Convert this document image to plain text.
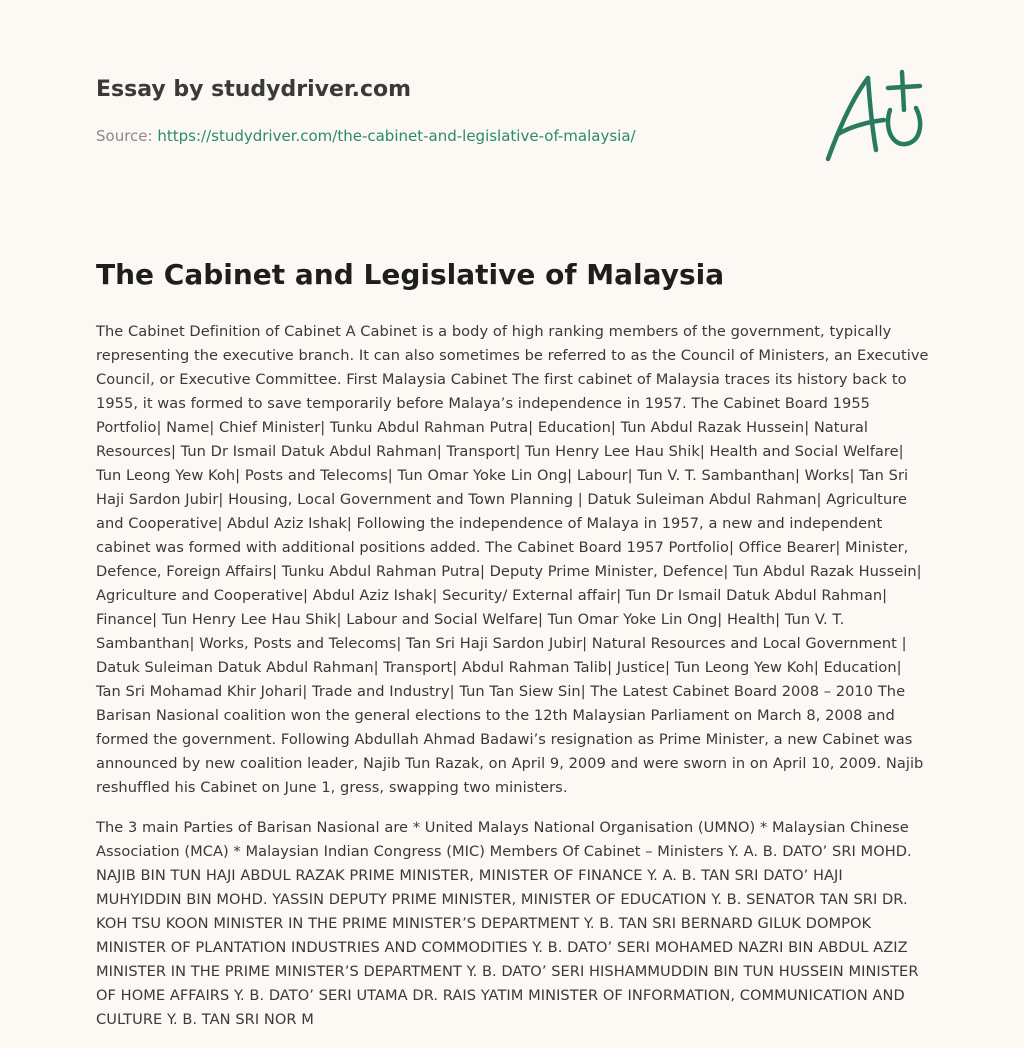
Essay by studydriver.com
Source: https://studydriver.com/the-cabinet-and-legislative-of-malaysia/
The Cabinet and Legislative of Malaysia

The Cabinet Definition of Cabinet A Cabinet is a body of high ranking members of the government, typically representing the executive branch. It can also sometimes be referred to as the Council of Ministers, an Executive Council, or Executive Committee. First Malaysia Cabinet The first cabinet of Malaysia traces its history back to 1955, it was formed to save temporarily before Malaya’s independence in 1957. The Cabinet Board 1955 Portfolio| Name| Chief Minister| Tunku Abdul Rahman Putra| Education| Tun Abdul Razak Hussein| Natural Resources| Tun Dr Ismail Datuk Abdul Rahman| Transport| Tun Henry Lee Hau Shik| Health and Social Welfare| Tun Leong Yew Koh| Posts and Telecoms| Tun Omar Yoke Lin Ong| Labour| Tun V. T. Sambanthan| Works| Tan Sri Haji Sardon Jubir| Housing, Local Government and Town Planning | Datuk Suleiman Abdul Rahman| Agriculture and Cooperative| Abdul Aziz Ishak| Following the independence of Malaya in 1957, a new and independent cabinet was formed with additional positions added. The Cabinet Board 1957 Portfolio| Office Bearer| Minister, Defence, Foreign Affairs| Tunku Abdul Rahman Putra| Deputy Prime Minister, Defence| Tun Abdul Razak Hussein| Agriculture and Cooperative| Abdul Aziz Ishak| Security/ External affair| Tun Dr Ismail Datuk Abdul Rahman| Finance| Tun Henry Lee Hau Shik| Labour and Social Welfare| Tun Omar Yoke Lin Ong| Health| Tun V. T. Sambanthan| Works, Posts and Telecoms| Tan Sri Haji Sardon Jubir| Natural Resources and Local Government | Datuk Suleiman Datuk Abdul Rahman| Transport| Abdul Rahman Talib| Justice| Tun Leong Yew Koh| Education| Tan Sri Mohamad Khir Johari| Trade and Industry| Tun Tan Siew Sin| The Latest Cabinet Board 2008 – 2010 The Barisan Nasional coalition won the general elections to the 12th Malaysian Parliament on March 8, 2008 and formed the government. Following Abdullah Ahmad Badawi’s resignation as Prime Minister, a new Cabinet was announced by new coalition leader, Najib Tun Razak, on April 9, 2009 and were sworn in on April 10, 2009. Najib reshuffled his Cabinet on June 1, gress, swapping two ministers.

The 3 main Parties of Barisan Nasional are * United Malays National Organisation (UMNO) * Malaysian Chinese Association (MCA) * Malaysian Indian Congress (MIC) Members Of Cabinet – Ministers Y. A. B. DATO’ SRI MOHD. NAJIB BIN TUN HAJI ABDUL RAZAK PRIME MINISTER, MINISTER OF FINANCE Y. A. B. TAN SRI DATO’ HAJI MUHYIDDIN BIN MOHD. YASSIN DEPUTY PRIME MINISTER, MINISTER OF EDUCATION Y. B. SENATOR TAN SRI DR. KOH TSU KOON MINISTER IN THE PRIME MINISTER’S DEPARTMENT Y. B. TAN SRI BERNARD GILUK DOMPOK MINISTER OF PLANTATION INDUSTRIES AND COMMODITIES Y. B. DATO’ SERI MOHAMED NAZRI BIN ABDUL AZIZ MINISTER IN THE PRIME MINISTER’S DEPARTMENT Y. B. DATO’ SERI HISHAMMUDDIN BIN TUN HUSSEIN MINISTER OF HOME AFFAIRS Y. B. DATO’ SERI UTAMA DR. RAIS YATIM MINISTER OF INFORMATION, COMMUNICATION AND CULTURE Y. B. TAN SRI NOR M
